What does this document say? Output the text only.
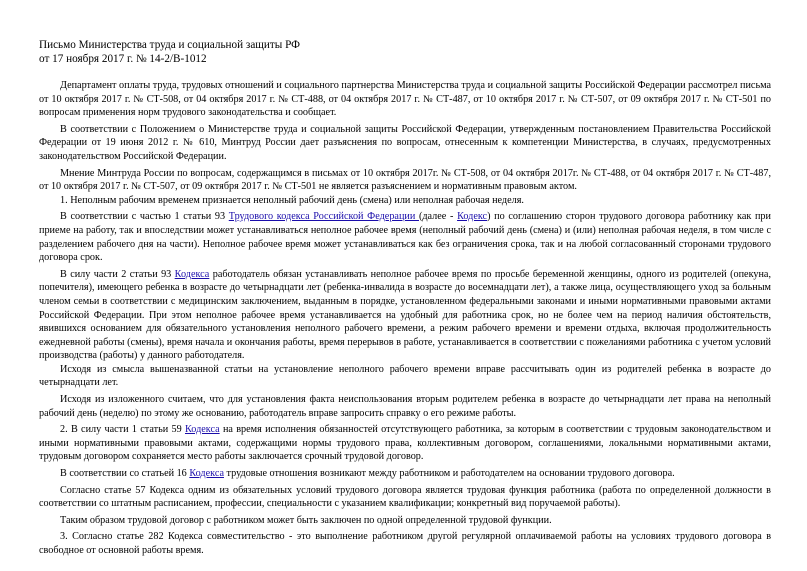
Письмо Министерства труда и социальной защиты РФ
от 17 ноября 2017 г. № 14-2/В-1012

Департамент оплаты труда, трудовых отношений и социального партнерства Министерства труда и социальной защиты Российской Федерации рассмотрел письма от 10 октября 2017 г. № СТ-508, от 04 октября 2017 г. № СТ-488, от 04 октября 2017 г. № СТ-487, от 10 октября 2017 г. № СТ-507, от 09 октября 2017 г. № СТ-501 по вопросам применения норм трудового законодательства и сообщает.

В соответствии с Положением о Министерстве труда и социальной защиты Российской Федерации, утвержденным постановлением Правительства Российской Федерации от 19 июня 2012 г. № 610, Минтруд России дает разъяснения по вопросам, отнесенным к компетенции Министерства, в случаях, предусмотренных законодательством Российской Федерации.

Мнение Минтруда России по вопросам, содержащимся в письмах от 10 октября 2017г. № СТ-508, от 04 октября 2017г. № СТ-488, от 04 октября 2017 г. № СТ-487, от 10 октября 2017 г. № СТ-507, от 09 октября 2017 г. № СТ-501 не является разъяснением и нормативным правовым актом.

1. Неполным рабочим временем признается неполный рабочий день (смена) или неполная рабочая неделя.

В соответствии с частью 1 статьи 93 Трудового кодекса Российской Федерации (далее - Кодекс) по соглашению сторон трудового договора работнику как при приеме на работу, так и впоследствии может устанавливаться неполное рабочее время (неполный рабочий день (смена) и (или) неполная рабочая неделя, в том числе с разделением рабочего дня на части). Неполное рабочее время может устанавливаться как без ограничения срока, так и на любой согласованный сторонами трудового договора срок.

В силу части 2 статьи 93 Кодекса работодатель обязан устанавливать неполное рабочее время по просьбе беременной женщины, одного из родителей (опекуна, попечителя), имеющего ребенка в возрасте до четырнадцати лет (ребенка-инвалида в возрасте до восемнадцати лет), а также лица, осуществляющего уход за больным членом семьи в соответствии с медицинским заключением, выданным в порядке, установленном федеральными законами и иными нормативными правовыми актами Российской Федерации. При этом неполное рабочее время устанавливается на удобный для работника срок, но не более чем на период наличия обстоятельств, явившихся основанием для обязательного установления неполного рабочего времени, а режим рабочего времени и времени отдыха, включая продолжительность ежедневной работы (смены), время начала и окончания работы, время перерывов в работе, устанавливается в соответствии с пожеланиями работника с учетом условий производства (работы) у данного работодателя.

Исходя из смысла вышеназванной статьи на установление неполного рабочего времени вправе рассчитывать один из родителей ребенка в возрасте до четырнадцати лет.

Исходя из изложенного считаем, что для установления факта неиспользования вторым родителем ребенка в возрасте до четырнадцати лет права на неполный рабочий день (неделю) по этому же основанию, работодатель вправе запросить справку о его режиме работы.

2. В силу части 1 статьи 59 Кодекса на время исполнения обязанностей отсутствующего работника, за которым в соответствии с трудовым законодательством и иными нормативными правовыми актами, содержащими нормы трудового права, коллективным договором, соглашениями, локальными нормативными актами, трудовым договором сохраняется место работы заключается срочный трудовой договор.

В соответствии со статьей 16 Кодекса трудовые отношения возникают между работником и работодателем на основании трудового договора.

Согласно статье 57 Кодекса одним из обязательных условий трудового договора является трудовая функция работника (работа по определенной должности в соответствии со штатным расписанием, профессии, специальности с указанием квалификации; конкретный вид поручаемой работы).

Таким образом трудовой договор с работником может быть заключен по одной определенной трудовой функции.

3. Согласно статье 282 Кодекса совместительство - это выполнение работником другой регулярной оплачиваемой работы на условиях трудового договора в свободное от основной работы время.
